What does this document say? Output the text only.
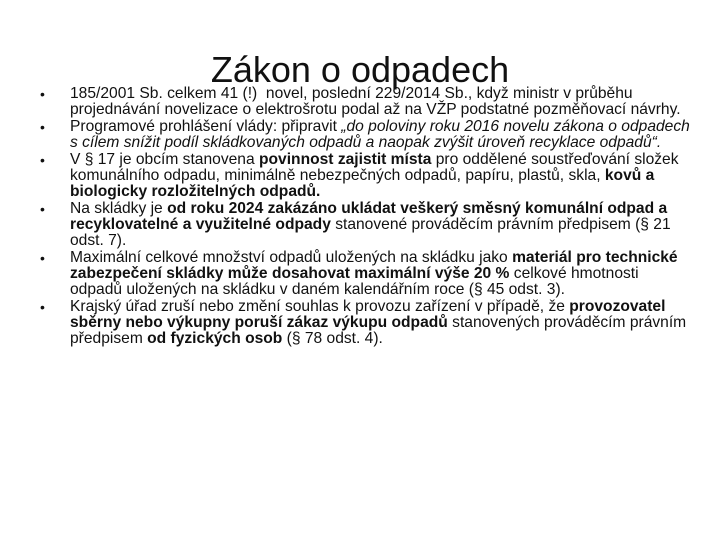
Zákon o odpadech
• 185/2001 Sb. celkem 41 (!)  novel, poslední 229/2014 Sb., když ministr v průběhu projednávání novelizace o elektrošrotu podal až na VŽP podstatné pozměňovací návrhy.
• Programové prohlášení vlády: připravit „do poloviny roku 2016 novelu zákona o odpadech s cílem snížit podíl skládkovaných odpadů a naopak zvýšit úroveň recyklace odpadů“.
• V § 17 je obcím stanovena povinnost zajistit místa pro oddělené soustřeďování složek komunálního odpadu, minimálně nebezpečných odpadů, papíru, plastů, skla, kovů a biologicky rozložitelných odpadů.
• Na skládky je od roku 2024 zakázáno ukládat veškerý směsný komunální odpad a recyklovatelné a využitelné odpady stanovené prováděcím právním předpisem (§ 21 odst. 7).
• Maximální celkové množství odpadů uložených na skládku jako materiál pro technické zabezpečení skládky může dosahovat maximální výše 20 % celkové hmotnosti odpadů uložených na skládku v daném kalendářním roce (§ 45 odst. 3).
• Krajský úřad zruší nebo změní souhlas k provozu zařízení v případě, že provozovatel sběrny nebo výkupny poruší zákaz výkupu odpadů stanovených prováděcím právním předpisem od fyzických osob (§ 78 odst. 4).
